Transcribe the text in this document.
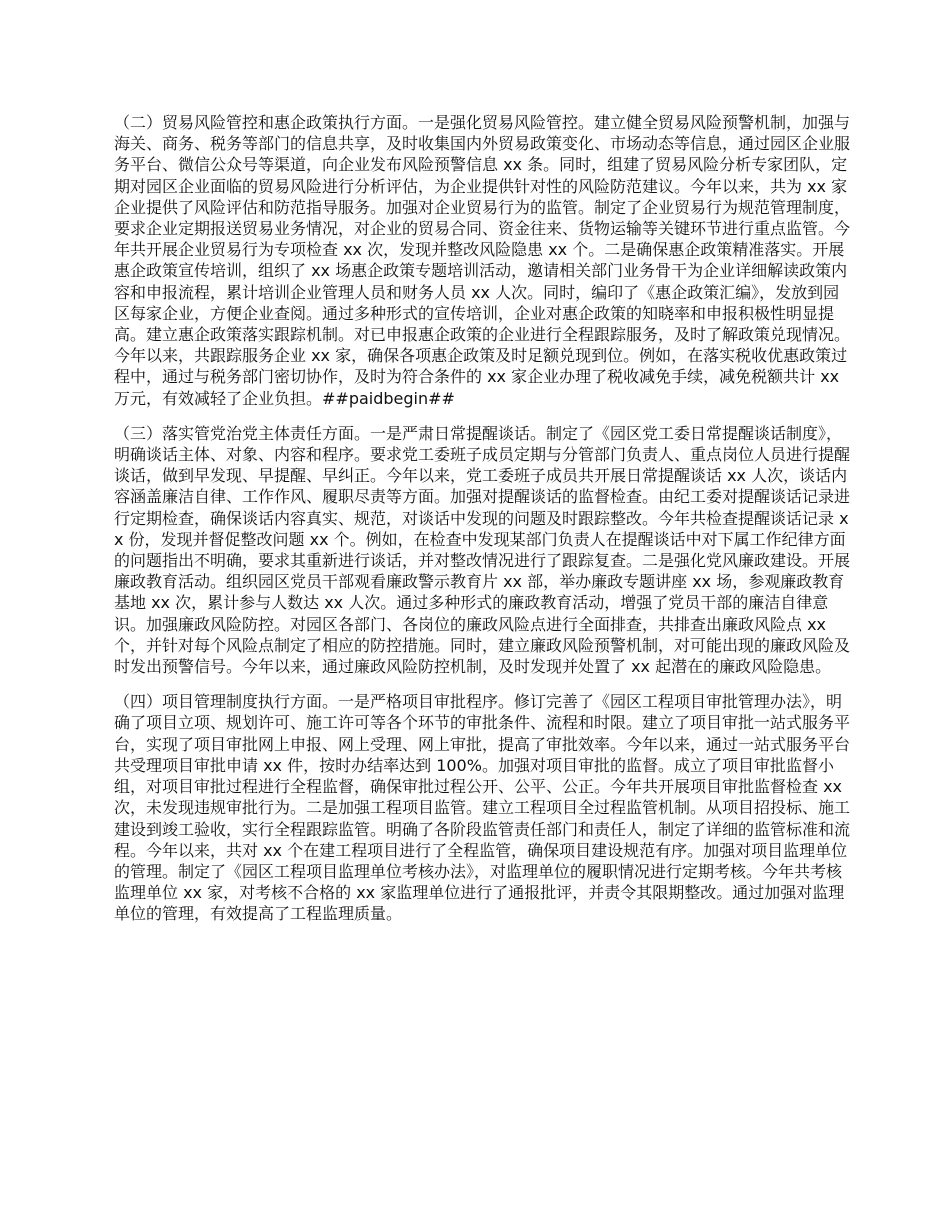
（二）贸易风险管控和惠企政策执行方面。一是强化贸易风险管控。建立健全贸易风险预警机制，加强与海关、商务、税务等部门的信息共享，及时收集国内外贸易政策变化、市场动态等信息，通过园区企业服务平台、微信公众号等渠道，向企业发布风险预警信息 xx 条。同时，组建了贸易风险分析专家团队，定期对园区企业面临的贸易风险进行分析评估，为企业提供针对性的风险防范建议。今年以来，共为 xx 家企业提供了风险评估和防范指导服务。加强对企业贸易行为的监管。制定了企业贸易行为规范管理制度，要求企业定期报送贸易业务情况，对企业的贸易合同、资金往来、货物运输等关键环节进行重点监管。今年共开展企业贸易行为专项检查 xx 次，发现并整改风险隐患 xx 个。二是确保惠企政策精准落实。开展惠企政策宣传培训，组织了 xx 场惠企政策专题培训活动，邀请相关部门业务骨干为企业详细解读政策内容和申报流程，累计培训企业管理人员和财务人员 xx 人次。同时，编印了《惠企政策汇编》，发放到园区每家企业，方便企业查阅。通过多种形式的宣传培训，企业对惠企政策的知晓率和申报积极性明显提高。建立惠企政策落实跟踪机制。对已申报惠企政策的企业进行全程跟踪服务，及时了解政策兑现情况。今年以来，共跟踪服务企业 xx 家，确保各项惠企政策及时足额兑现到位。例如，在落实税收优惠政策过程中，通过与税务部门密切协作，及时为符合条件的 xx 家企业办理了税收减免手续，减免税额共计 xx 万元，有效减轻了企业负担。##paidbegin##

（三）落实管党治党主体责任方面。一是严肃日常提醒谈话。制定了《园区党工委日常提醒谈话制度》，明确谈话主体、对象、内容和程序。要求党工委班子成员定期与分管部门负责人、重点岗位人员进行提醒谈话，做到早发现、早提醒、早纠正。今年以来，党工委班子成员共开展日常提醒谈话 xx 人次，谈话内容涵盖廉洁自律、工作作风、履职尽责等方面。加强对提醒谈话的监督检查。由纪工委对提醒谈话记录进行定期检查，确保谈话内容真实、规范，对谈话中发现的问题及时跟踪整改。今年共检查提醒谈话记录 xx 份，发现并督促整改问题 xx 个。例如，在检查中发现某部门负责人在提醒谈话中对下属工作纪律方面的问题指出不明确，要求其重新进行谈话，并对整改情况进行了跟踪复查。二是强化党风廉政建设。开展廉政教育活动。组织园区党员干部观看廉政警示教育片 xx 部，举办廉政专题讲座 xx 场，参观廉政教育基地 xx 次，累计参与人数达 xx 人次。通过多种形式的廉政教育活动，增强了党员干部的廉洁自律意识。加强廉政风险防控。对园区各部门、各岗位的廉政风险点进行全面排查，共排查出廉政风险点 xx 个，并针对每个风险点制定了相应的防控措施。同时，建立廉政风险预警机制，对可能出现的廉政风险及时发出预警信号。今年以来，通过廉政风险防控机制，及时发现并处置了 xx 起潜在的廉政风险隐患。

（四）项目管理制度执行方面。一是严格项目审批程序。修订完善了《园区工程项目审批管理办法》，明确了项目立项、规划许可、施工许可等各个环节的审批条件、流程和时限。建立了项目审批一站式服务平台，实现了项目审批网上申报、网上受理、网上审批，提高了审批效率。今年以来，通过一站式服务平台共受理项目审批申请 xx 件，按时办结率达到 100%。加强对项目审批的监督。成立了项目审批监督小组，对项目审批过程进行全程监督，确保审批过程公开、公平、公正。今年共开展项目审批监督检查 xx 次，未发现违规审批行为。二是加强工程项目监管。建立工程项目全过程监管机制。从项目招投标、施工建设到竣工验收，实行全程跟踪监管。明确了各阶段监管责任部门和责任人，制定了详细的监管标准和流程。今年以来，共对 xx 个在建工程项目进行了全程监管，确保项目建设规范有序。加强对项目监理单位的管理。制定了《园区工程项目监理单位考核办法》，对监理单位的履职情况进行定期考核。今年共考核监理单位 xx 家，对考核不合格的 xx 家监理单位进行了通报批评，并责令其限期整改。通过加强对监理单位的管理，有效提高了工程监理质量。
